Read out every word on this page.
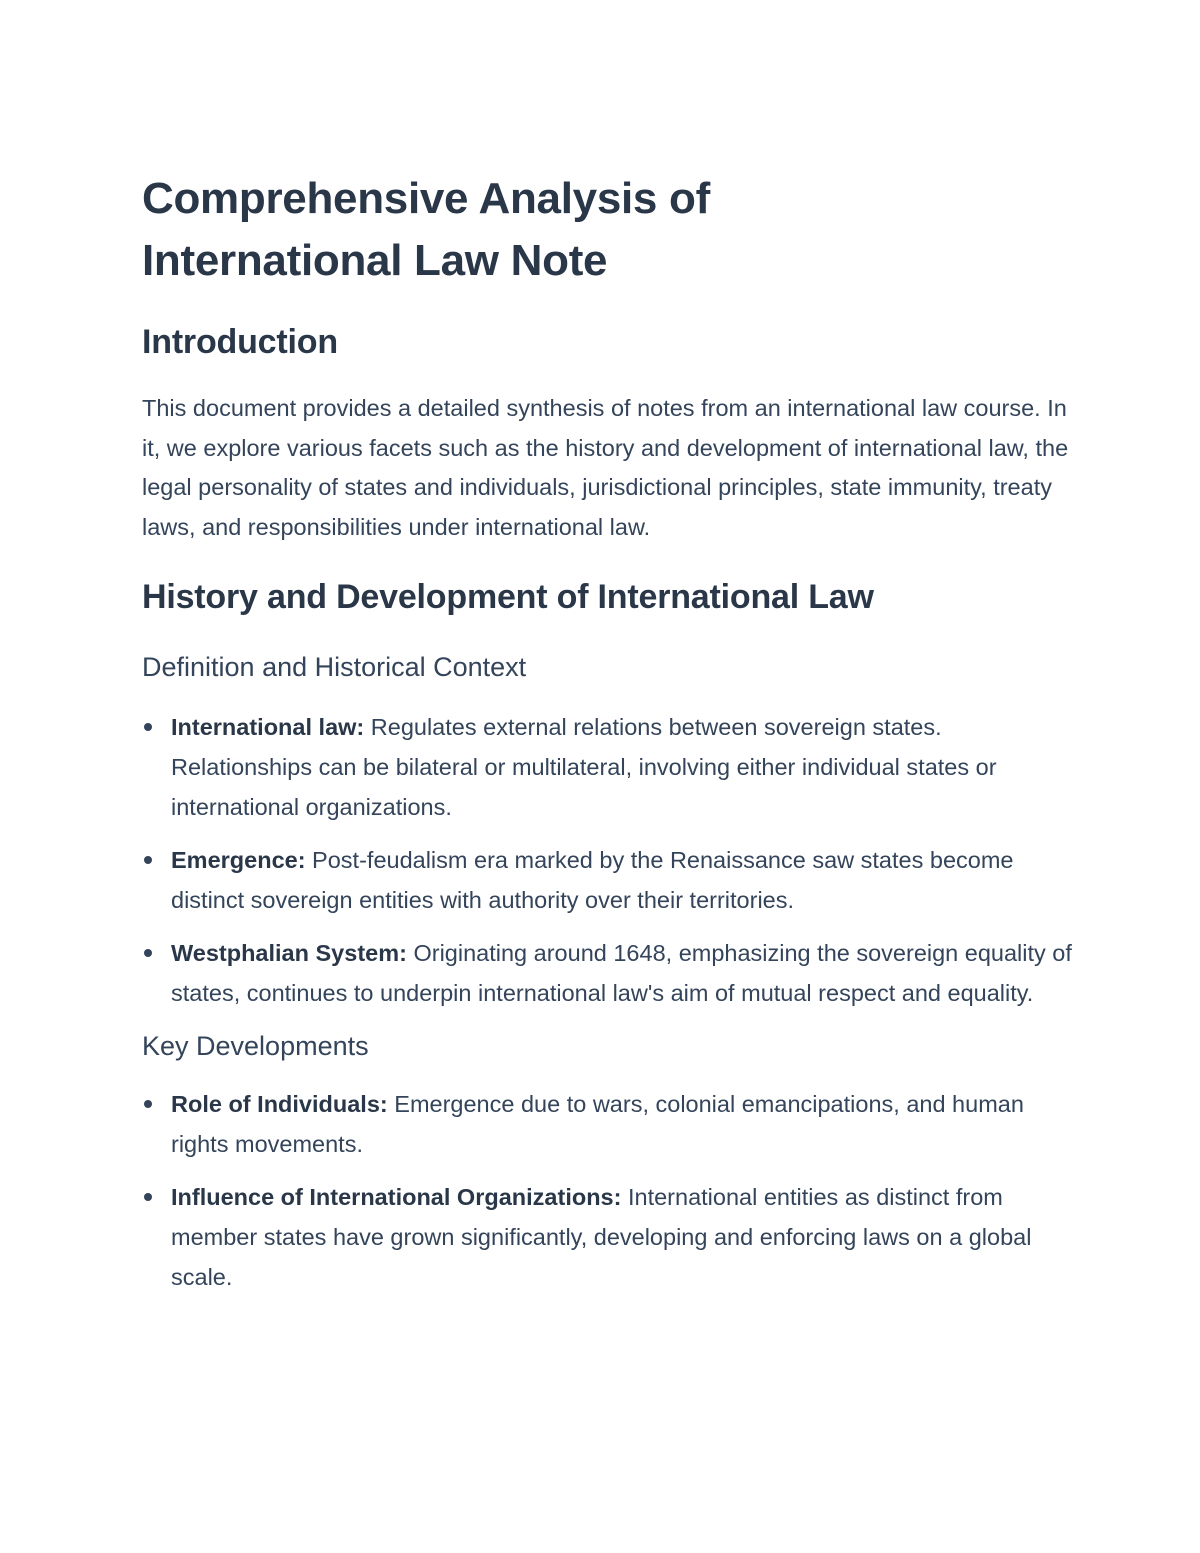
Comprehensive Analysis of
International Law Note
Introduction

This document provides a detailed synthesis of notes from an international law course. In it, we explore various facets such as the history and development of international law, the legal personality of states and individuals, jurisdictional principles, state immunity, treaty laws, and responsibilities under international law.

History and Development of International Law
Definition and Historical Context
International law: Regulates external relations between sovereign states. Relationships can be bilateral or multilateral, involving either individual states or international organizations.
Emergence: Post-feudalism era marked by the Renaissance saw states become distinct sovereign entities with authority over their territories.
Westphalian System: Originating around 1648, emphasizing the sovereign equality of states, continues to underpin international law's aim of mutual respect and equality.
Key Developments
Role of Individuals: Emergence due to wars, colonial emancipations, and human rights movements.
Influence of International Organizations: International entities as distinct from member states have grown significantly, developing and enforcing laws on a global scale.
